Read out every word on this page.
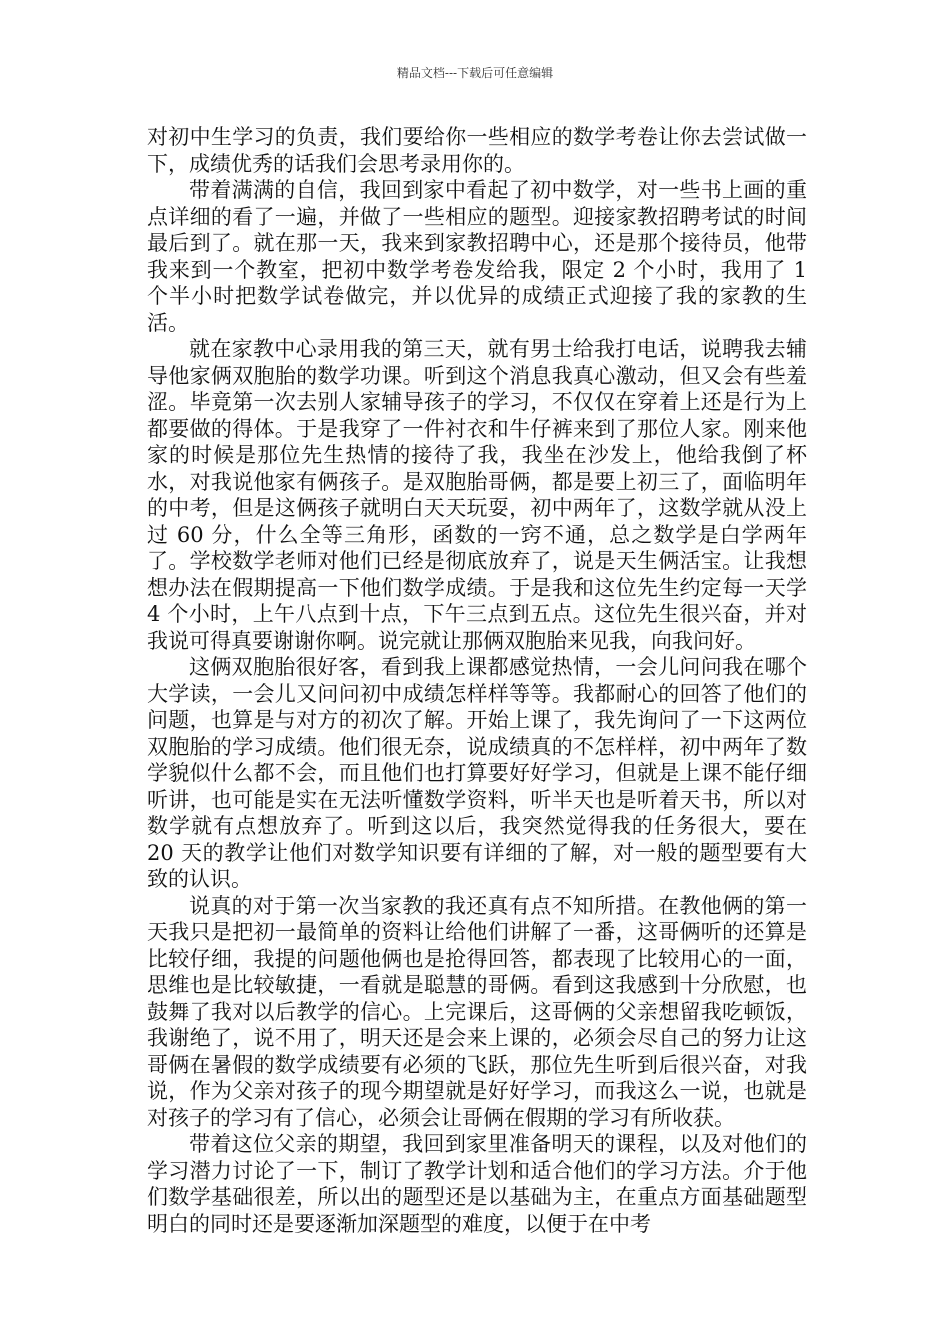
精品文档---下载后可任意编辑

对初中生学习的负责，我们要给你一些相应的数学考卷让你去尝试做一下，成绩优秀的话我们会思考录用你的。

带着满满的自信，我回到家中看起了初中数学，对一些书上画的重点详细的看了一遍，并做了一些相应的题型。迎接家教招聘考试的时间最后到了。就在那一天，我来到家教招聘中心，还是那个接待员，他带我来到一个教室，把初中数学考卷发给我，限定 2 个小时，我用了 1 个半小时把数学试卷做完，并以优异的成绩正式迎接了我的家教的生活。

就在家教中心录用我的第三天，就有男士给我打电话，说聘我去辅导他家俩双胞胎的数学功课。听到这个消息我真心激动，但又会有些羞涩。毕竟第一次去别人家辅导孩子的学习，不仅仅在穿着上还是行为上都要做的得体。于是我穿了一件衬衣和牛仔裤来到了那位人家。刚来他家的时候是那位先生热情的接待了我，我坐在沙发上，他给我倒了杯水，对我说他家有俩孩子。是双胞胎哥俩，都是要上初三了，面临明年的中考，但是这俩孩子就明白天天玩耍，初中两年了，这数学就从没上过 60 分，什么全等三角形，函数的一窍不通，总之数学是白学两年了。学校数学老师对他们已经是彻底放弃了，说是天生俩活宝。让我想想办法在假期提高一下他们数学成绩。于是我和这位先生约定每一天学 4 个小时，上午八点到十点，下午三点到五点。这位先生很兴奋，并对我说可得真要谢谢你啊。说完就让那俩双胞胎来见我，向我问好。

这俩双胞胎很好客，看到我上课都感觉热情，一会儿问问我在哪个大学读，一会儿又问问初中成绩怎样样等等。我都耐心的回答了他们的问题，也算是与对方的初次了解。开始上课了，我先询问了一下这两位双胞胎的学习成绩。他们很无奈，说成绩真的不怎样样，初中两年了数学貌似什么都不会，而且他们也打算要好好学习，但就是上课不能仔细听讲，也可能是实在无法听懂数学资料，听半天也是听着天书，所以对数学就有点想放弃了。听到这以后，我突然觉得我的任务很大，要在 20 天的教学让他们对数学知识要有详细的了解，对一般的题型要有大致的认识。

说真的对于第一次当家教的我还真有点不知所措。在教他俩的第一天我只是把初一最简单的资料让给他们讲解了一番，这哥俩听的还算是比较仔细，我提的问题他俩也是抢得回答，都表现了比较用心的一面，思维也是比较敏捷，一看就是聪慧的哥俩。看到这我感到十分欣慰，也鼓舞了我对以后教学的信心。上完课后，这哥俩的父亲想留我吃顿饭，我谢绝了，说不用了，明天还是会来上课的，必须会尽自己的努力让这哥俩在暑假的数学成绩要有必须的飞跃，那位先生听到后很兴奋，对我说，作为父亲对孩子的现今期望就是好好学习，而我这么一说，也就是对孩子的学习有了信心，必须会让哥俩在假期的学习有所收获。

带着这位父亲的期望，我回到家里准备明天的课程，以及对他们的学习潜力讨论了一下，制订了教学计划和适合他们的学习方法。介于他们数学基础很差，所以出的题型还是以基础为主，在重点方面基础题型明白的同时还是要逐渐加深题型的难度，以便于在中考
